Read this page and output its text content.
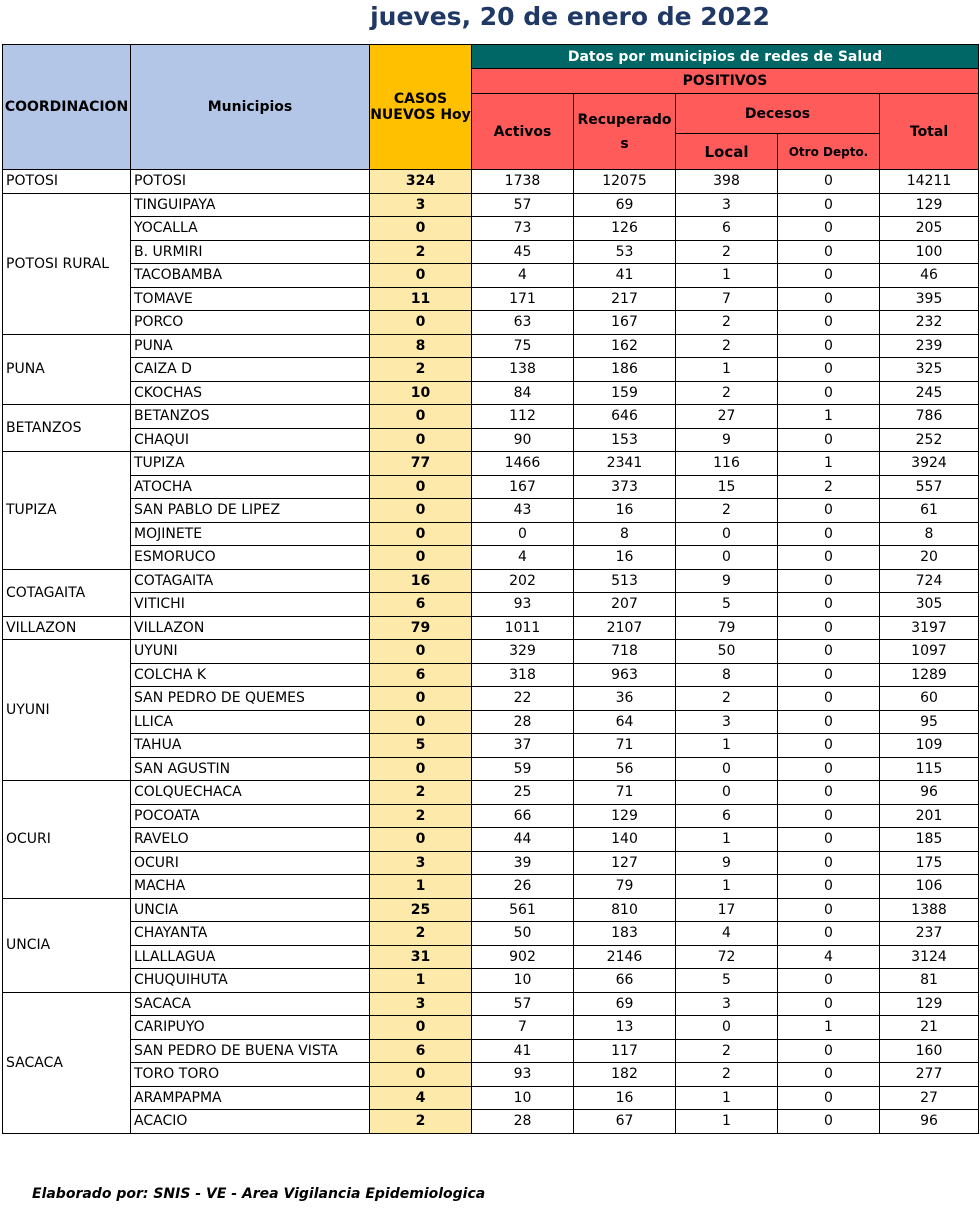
jueves, 20 de enero de 2022
COORDINACION	Municipios	CASOS
NUEVOS Hoy	Datos por municipios de redes de Salud				
			POSITIVOS				
			Activos	Recuperado
s	Decesos		Total
					Local	Otro Depto.	
POTOSI	POTOSI	324	1738	12075	398	0	14211
POTOSI RURAL	TINGUIPAYA	3	57	69	3	0	129
	YOCALLA	0	73	126	6	0	205
	B. URMIRI	2	45	53	2	0	100
	TACOBAMBA	0	4	41	1	0	46
	TOMAVE	11	171	217	7	0	395
	PORCO	0	63	167	2	0	232
PUNA	PUNA	8	75	162	2	0	239
	CAIZA D	2	138	186	1	0	325
	CKOCHAS	10	84	159	2	0	245
BETANZOS	BETANZOS	0	112	646	27	1	786
	CHAQUI	0	90	153	9	0	252
TUPIZA	TUPIZA	77	1466	2341	116	1	3924
	ATOCHA	0	167	373	15	2	557
	SAN PABLO DE LIPEZ	0	43	16	2	0	61
	MOJINETE	0	0	8	0	0	8
	ESMORUCO	0	4	16	0	0	20
COTAGAITA	COTAGAITA	16	202	513	9	0	724
	VITICHI	6	93	207	5	0	305
VILLAZON	VILLAZON	79	1011	2107	79	0	3197
UYUNI	UYUNI	0	329	718	50	0	1097
	COLCHA K	6	318	963	8	0	1289
	SAN PEDRO DE QUEMES	0	22	36	2	0	60
	LLICA	0	28	64	3	0	95
	TAHUA	5	37	71	1	0	109
	SAN AGUSTIN	0	59	56	0	0	115
OCURI	COLQUECHACA	2	25	71	0	0	96
	POCOATA	2	66	129	6	0	201
	RAVELO	0	44	140	1	0	185
	OCURI	3	39	127	9	0	175
	MACHA	1	26	79	1	0	106
UNCIA	UNCIA	25	561	810	17	0	1388
	CHAYANTA	2	50	183	4	0	237
	LLALLAGUA	31	902	2146	72	4	3124
	CHUQUIHUTA	1	10	66	5	0	81
SACACA	SACACA	3	57	69	3	0	129
	CARIPUYO	0	7	13	0	1	21
	SAN PEDRO DE BUENA VISTA	6	41	117	2	0	160
	TORO TORO	0	93	182	2	0	277
	ARAMPAPMA	4	10	16	1	0	27
	ACACIO	2	28	67	1	0	96
Elaborado por: SNIS - VE - Area Vigilancia Epidemiologica
